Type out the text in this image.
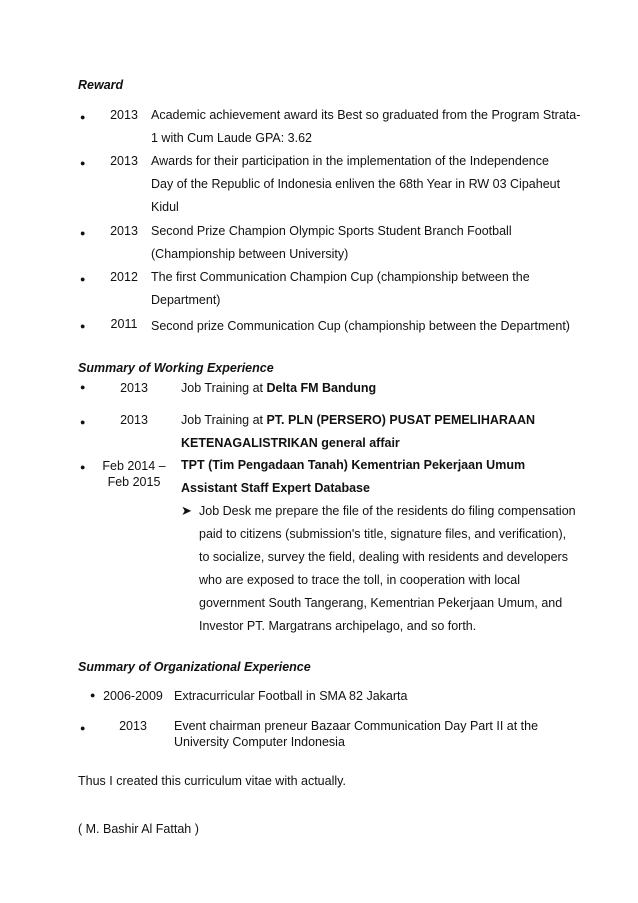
Reward
●	2013	Academic achievement award its Best so graduated from the Program Strata-
1 with Cum Laude GPA: 3.62
●	2013	Awards for their participation in the implementation of the Independence
Day of the Republic of Indonesia enliven the 68th Year in RW 03 Cipaheut
Kidul
●	2013	Second Prize Champion Olympic Sports Student Branch Football
(Championship between University)
●	2012	The first Communication Champion Cup (championship between the
Department)
●	2011	Second prize Communication Cup (championship between the Department)
Summary of Working Experience
●	2013	Job Training at Delta FM Bandung
●	2013	Job Training at PT. PLN (PERSERO) PUSAT PEMELIHARAAN
KETENAGALISTRIKAN general affair
●	Feb 2014 –
Feb 2015
TPT (Tim Pengadaan Tanah) Kementrian Pekerjaan Umum
Assistant Staff Expert Database
➤ Job Desk me prepare the file of the residents do filing compensation
paid to citizens (submission's title, signature files, and verification),
to socialize, survey the field, dealing with residents and developers
who are exposed to trace the toll, in cooperation with local
government South Tangerang, Kementrian Pekerjaan Umum, and
Investor PT. Margatrans archipelago, and so forth.
Summary of Organizational Experience
● 2006-2009 Extracurricular Football in SMA 82 Jakarta
●	2013	Event chairman preneur Bazaar Communication Day Part II at the
University Computer Indonesia
Thus I created this curriculum vitae with actually.
( M. Bashir Al Fattah )
